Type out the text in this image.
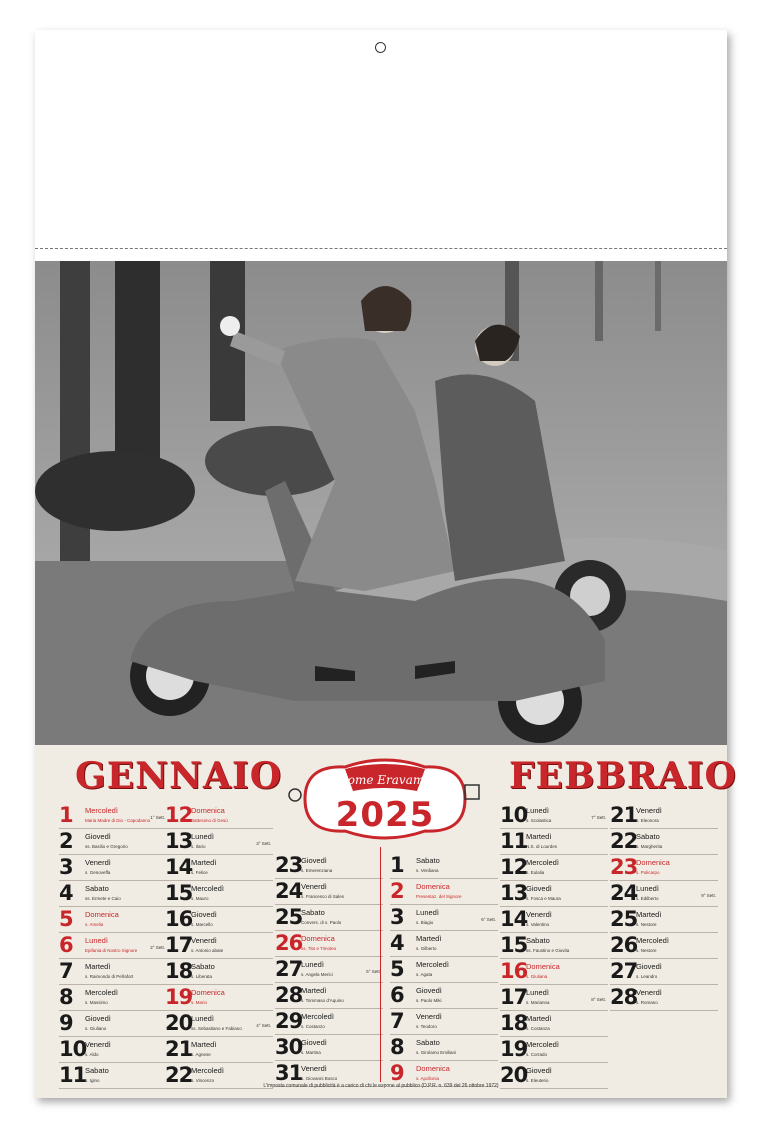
GENNAIO	FEBBRAIO
Come Eravamo
2025
1 Mercoledì
Maria Madre di Dio - Capodanno
1° Sett.
2 Giovedì
ss. Basilio e Gregorio
3 Venerdì
s. Genoveffa
4 Sabato
ss. Ermete e Caio
5 Domenica
s. Amelia
6 Lunedì
Epifania di Nostro Signore
2° Sett.
7 Martedì
s. Raimondo di Peñafort
8 Mercoledì
s. Massimo
9 Giovedì
s. Giuliano
10
Venerdì
s. Aldo
11
Sabato
s. Igino
12
Domenica
Battesimo di Gesù
13
Lunedì
s. Ilario
3° Sett.
14
Martedì
s. Felice
15
Mercoledì
s. Mauro
16
Giovedì
s. Marcello
17
Venerdì
s. Antonio abate
18
Sabato
s. Liberata
19
Domenica
s. Mario
20
Lunedì
ss. Sebastiano e Fabiano
4° Sett.
21
Martedì
s. Agnese
22
Mercoledì
s. Vincenzo
23
Giovedì
s. Emerenziana
24
Venerdì
s. Francesco di Sales
25
Sabato
Convers. di s. Paolo
26
Domenica
ss. Tito e Timoteo
27
Lunedì
s. Angela Merici
5° Sett.
28
Martedì
s. Tommaso d'Aquino
29
Mercoledì
s. Costanzo
30
Giovedì
s. Martina
31
Venerdì
s. Giovanni Bosco
1 Sabato
s. Verdiana
2 Domenica
Presentaz. del Signore
3 Lunedì
s. Biagio
6° Sett.
4 Martedì
s. Gilberto
5 Mercoledì
s. Agata
6 Giovedì
s. Paolo Miki
7 Venerdì
s. Teodoro
8 Sabato
s. Girolamo Emiliani
9 Domenica
s. Apollonia
10
Lunedì
s. Scolastica
7° Sett.
11
Martedì
N.S. di Lourdes
12
Mercoledì
s. Eulalia
13
Giovedì
s. Fosca e Maura
14
Venerdì
s. Valentino
15
Sabato
ss. Faustino e Giovita
16
Domenica
s. Giuliana
17
Lunedì
s. Marianna
8° Sett.
18
Martedì
s. Costanza
19
Mercoledì
s. Corrado
20
Giovedì
s. Eleuterio
21
Venerdì
s. Eleonora
22
Sabato
s. Margherita
23
Domenica
s. Policarpo
24
Lunedì
s. Edilberto
9° Sett.
25
Martedì
s. Nestore
26
Mercoledì
s. Nestore
27
Giovedì
s. Leandro
28
Venerdì
s. Romano
L'imposta comunale di pubblicità è a carico di chi le espone al pubblico (D.P.R. n. 639 del 26 ottobre 1972)
